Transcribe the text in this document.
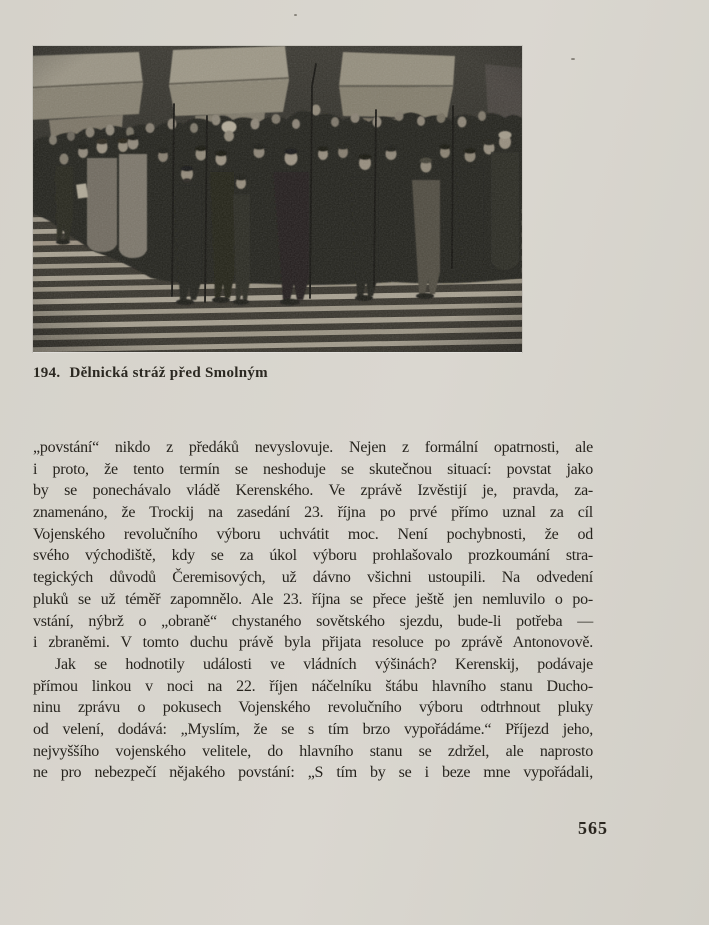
194. Dělnická stráž před Smolným
„povstání“ nikdo z předáků nevyslovuje. Nejen z formální opatrnosti, ale
i proto, že tento termín se neshoduje se skutečnou situací: povstat jako
by se ponechávalo vládě Kerenského. Ve zprávě Izvěstijí je, pravda, za-
znamenáno, že Trockij na zasedání 23. října po prvé přímo uznal za cíl
Vojenského revolučního výboru uchvátit moc. Není pochybnosti, že od
svého východiště, kdy se za úkol výboru prohlašovalo prozkoumání stra-
tegických důvodů Čeremisových, už dávno všichni ustoupili. Na odvedení
pluků se už téměř zapomnělo. Ale 23. října se přece ještě jen nemluvilo o po-
vstání, nýbrž o „obraně“ chystaného sovětského sjezdu, bude-li potřeba —
i zbraněmi. V tomto duchu právě byla přijata resoluce po zprávě Antonovově.
Jak se hodnotily události ve vládních výšinách? Kerenskij, podávaje
přímou linkou v noci na 22. říjen náčelníku štábu hlavního stanu Ducho-
ninu zprávu o pokusech Vojenského revolučního výboru odtrhnout pluky
od velení, dodává: „Myslím, že se s tím brzo vypořádáme.“ Příjezd jeho,
nejvyššího vojenského velitele, do hlavního stanu se zdržel, ale naprosto
ne pro nebezpečí nějakého povstání: „S tím by se i beze mne vypořádali,
565
